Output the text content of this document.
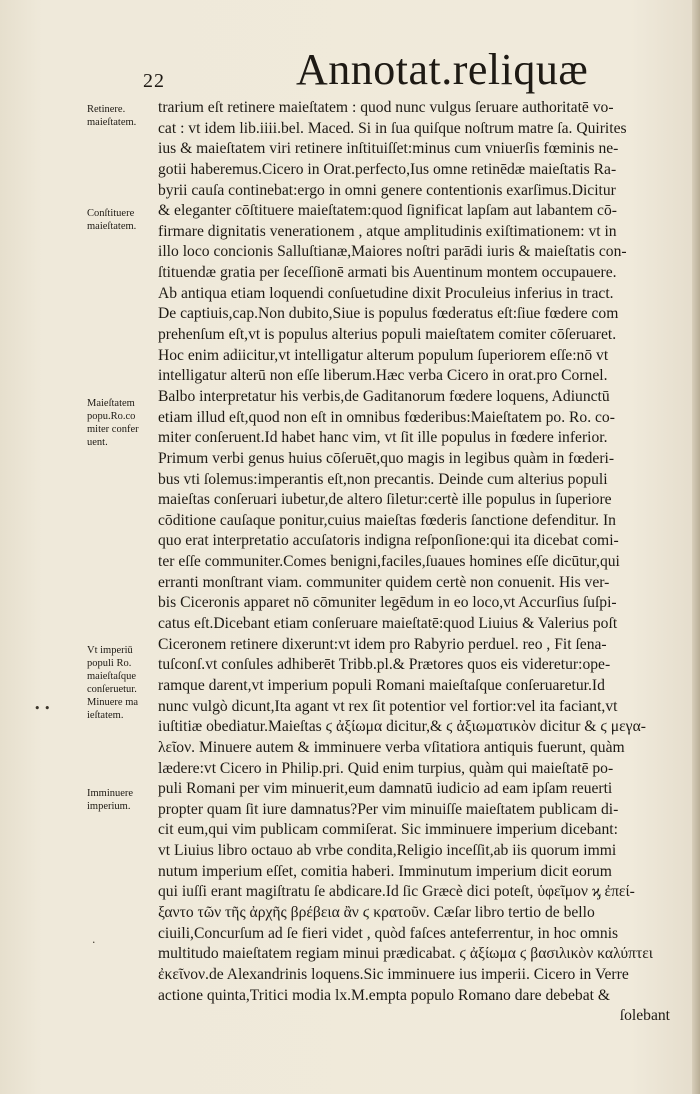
22	Annotat.reliquæ
Retinere.
maieſtatem.
Conſtituere
maieſtatem.
Maieſtatem
popu.Ro.co
miter confer
uent.
Vt imperiū
populi Ro.
maieſtaſque
conſeruetur.
Minuere ma
ieſtatem.
Imminuere
imperium.
• •
·
trarium eſt retinere maieſtatem : quod nunc vulgus ſeruare authoritatē vo-
cat : vt idem lib.iiii.bel. Maced. Si in ſua quiſque noſtrum matre ſa. Quirites
ius & maieſtatem viri retinere inſtituiſſet:minus cum vniuerſis fœminis ne-
gotii haberemus.Cicero in Orat.perfecto,Ius omne retinēdæ maieſtatis Ra-
byrii cauſa continebat:ergo in omni genere contentionis exarſimus.Dicitur
& eleganter cōſtituere maieſtatem:quod ſignificat lapſam aut labantem cō-
firmare dignitatis venerationem , atque amplitudinis exiſtimationem: vt in
illo loco concionis Salluſtianæ,Maiores noſtri parādi iuris & maieſtatis con-
ſtituendæ gratia per ſeceſſionē armati bis Auentinum montem occupauere.
Ab antiqua etiam loquendi conſuetudine dixit Proculeius inferius in tract.
De captiuis,cap.Non dubito,Siue is populus fœderatus eſt:ſiue fœdere com
prehenſum eſt,vt is populus alterius populi maieſtatem comiter cōſeruaret.
Hoc enim adiicitur,vt intelligatur alterum populum ſuperiorem eſſe:nō vt
intelligatur alterū non eſſe liberum.Hæc verba Cicero in orat.pro Cornel.
Balbo interpretatur his verbis,de Gaditanorum fœdere loquens, Adiunctū
etiam illud eſt,quod non eſt in omnibus fœderibus:Maieſtatem po. Ro. co-
miter conſeruent.Id habet hanc vim, vt ſit ille populus in fœdere inferior.
Primum verbi genus huius cōſeruēt,quo magis in legibus quàm in fœderi-
bus vti ſolemus:imperantis eſt,non precantis. Deinde cum alterius populi
maieſtas conſeruari iubetur,de altero ſiletur:certè ille populus in ſuperiore
cōditione cauſaque ponitur,cuius maieſtas fœderis ſanctione defenditur. In
quo erat interpretatio accuſatoris indigna reſponſione:qui ita dicebat comi-
ter eſſe communiter.Comes benigni,faciles,ſuaues homines eſſe dicūtur,qui
erranti monſtrant viam. communiter quidem certè non conuenit. His ver-
bis Ciceronis apparet nō cōmuniter legēdum in eo loco,vt Accurſius ſuſpi-
catus eſt.Dicebant etiam conſeruare maieſtatē:quod Liuius & Valerius poſt
Ciceronem retinere dixerunt:vt idem pro Rabyrio perduel. reo , Fit ſena-
tuſconſ.vt conſules adhiberēt Tribb.pl.& Prætores quos eis videretur:ope-
ramque darent,vt imperium populi Romani maieſtaſque conſeruaretur.Id
nunc vulgò dicunt,Ita agant vt rex ſit potentior vel fortior:vel ita faciant,vt
iuſtitiæ obediatur.Maieſtas ϛ ἀξίωμα dicitur,& ϛ ἀξιωματικὸν dicitur & ϛ μεγα-
λεῖον. Minuere autem & imminuere verba vſitatiora antiquis fuerunt, quàm
lædere:vt Cicero in Philip.pri. Quid enim turpius, quàm qui maieſtatē po-
puli Romani per vim minuerit,eum damnatū iudicio ad eam ipſam reuerti
propter quam ſit iure damnatus?Per vim minuiſſe maieſtatem publicam di-
cit eum,qui vim publicam commiſerat. Sic imminuere imperium dicebant:
vt Liuius libro octauo ab vrbe condita,Religio inceſſit,ab iis quorum immi
nutum imperium eſſet, comitia haberi. Imminutum imperium dicit eorum
qui iuſſi erant magiſtratu ſe abdicare.Id ſic Græcè dici poteſt, ὑφεῖμον ϗ ἐπεί-
ξαντο τῶν τῆς ἀρχῆς βρέβεια ἂν ϛ κρατοῦν. Cæſar libro tertio de bello
ciuili,Concurſum ad ſe fieri videt , quòd faſces anteferrentur, in hoc omnis
multitudo maieſtatem regiam minui prædicabat. ϛ ἀξίωμα ϛ βασιλικὸν καλύπτει
ἐκεῖνον.de Alexandrinis loquens.Sic imminuere ius imperii. Cicero in Verre
actione quinta,Tritici modia lx.M.empta populo Romano dare debebat &
ſolebant
